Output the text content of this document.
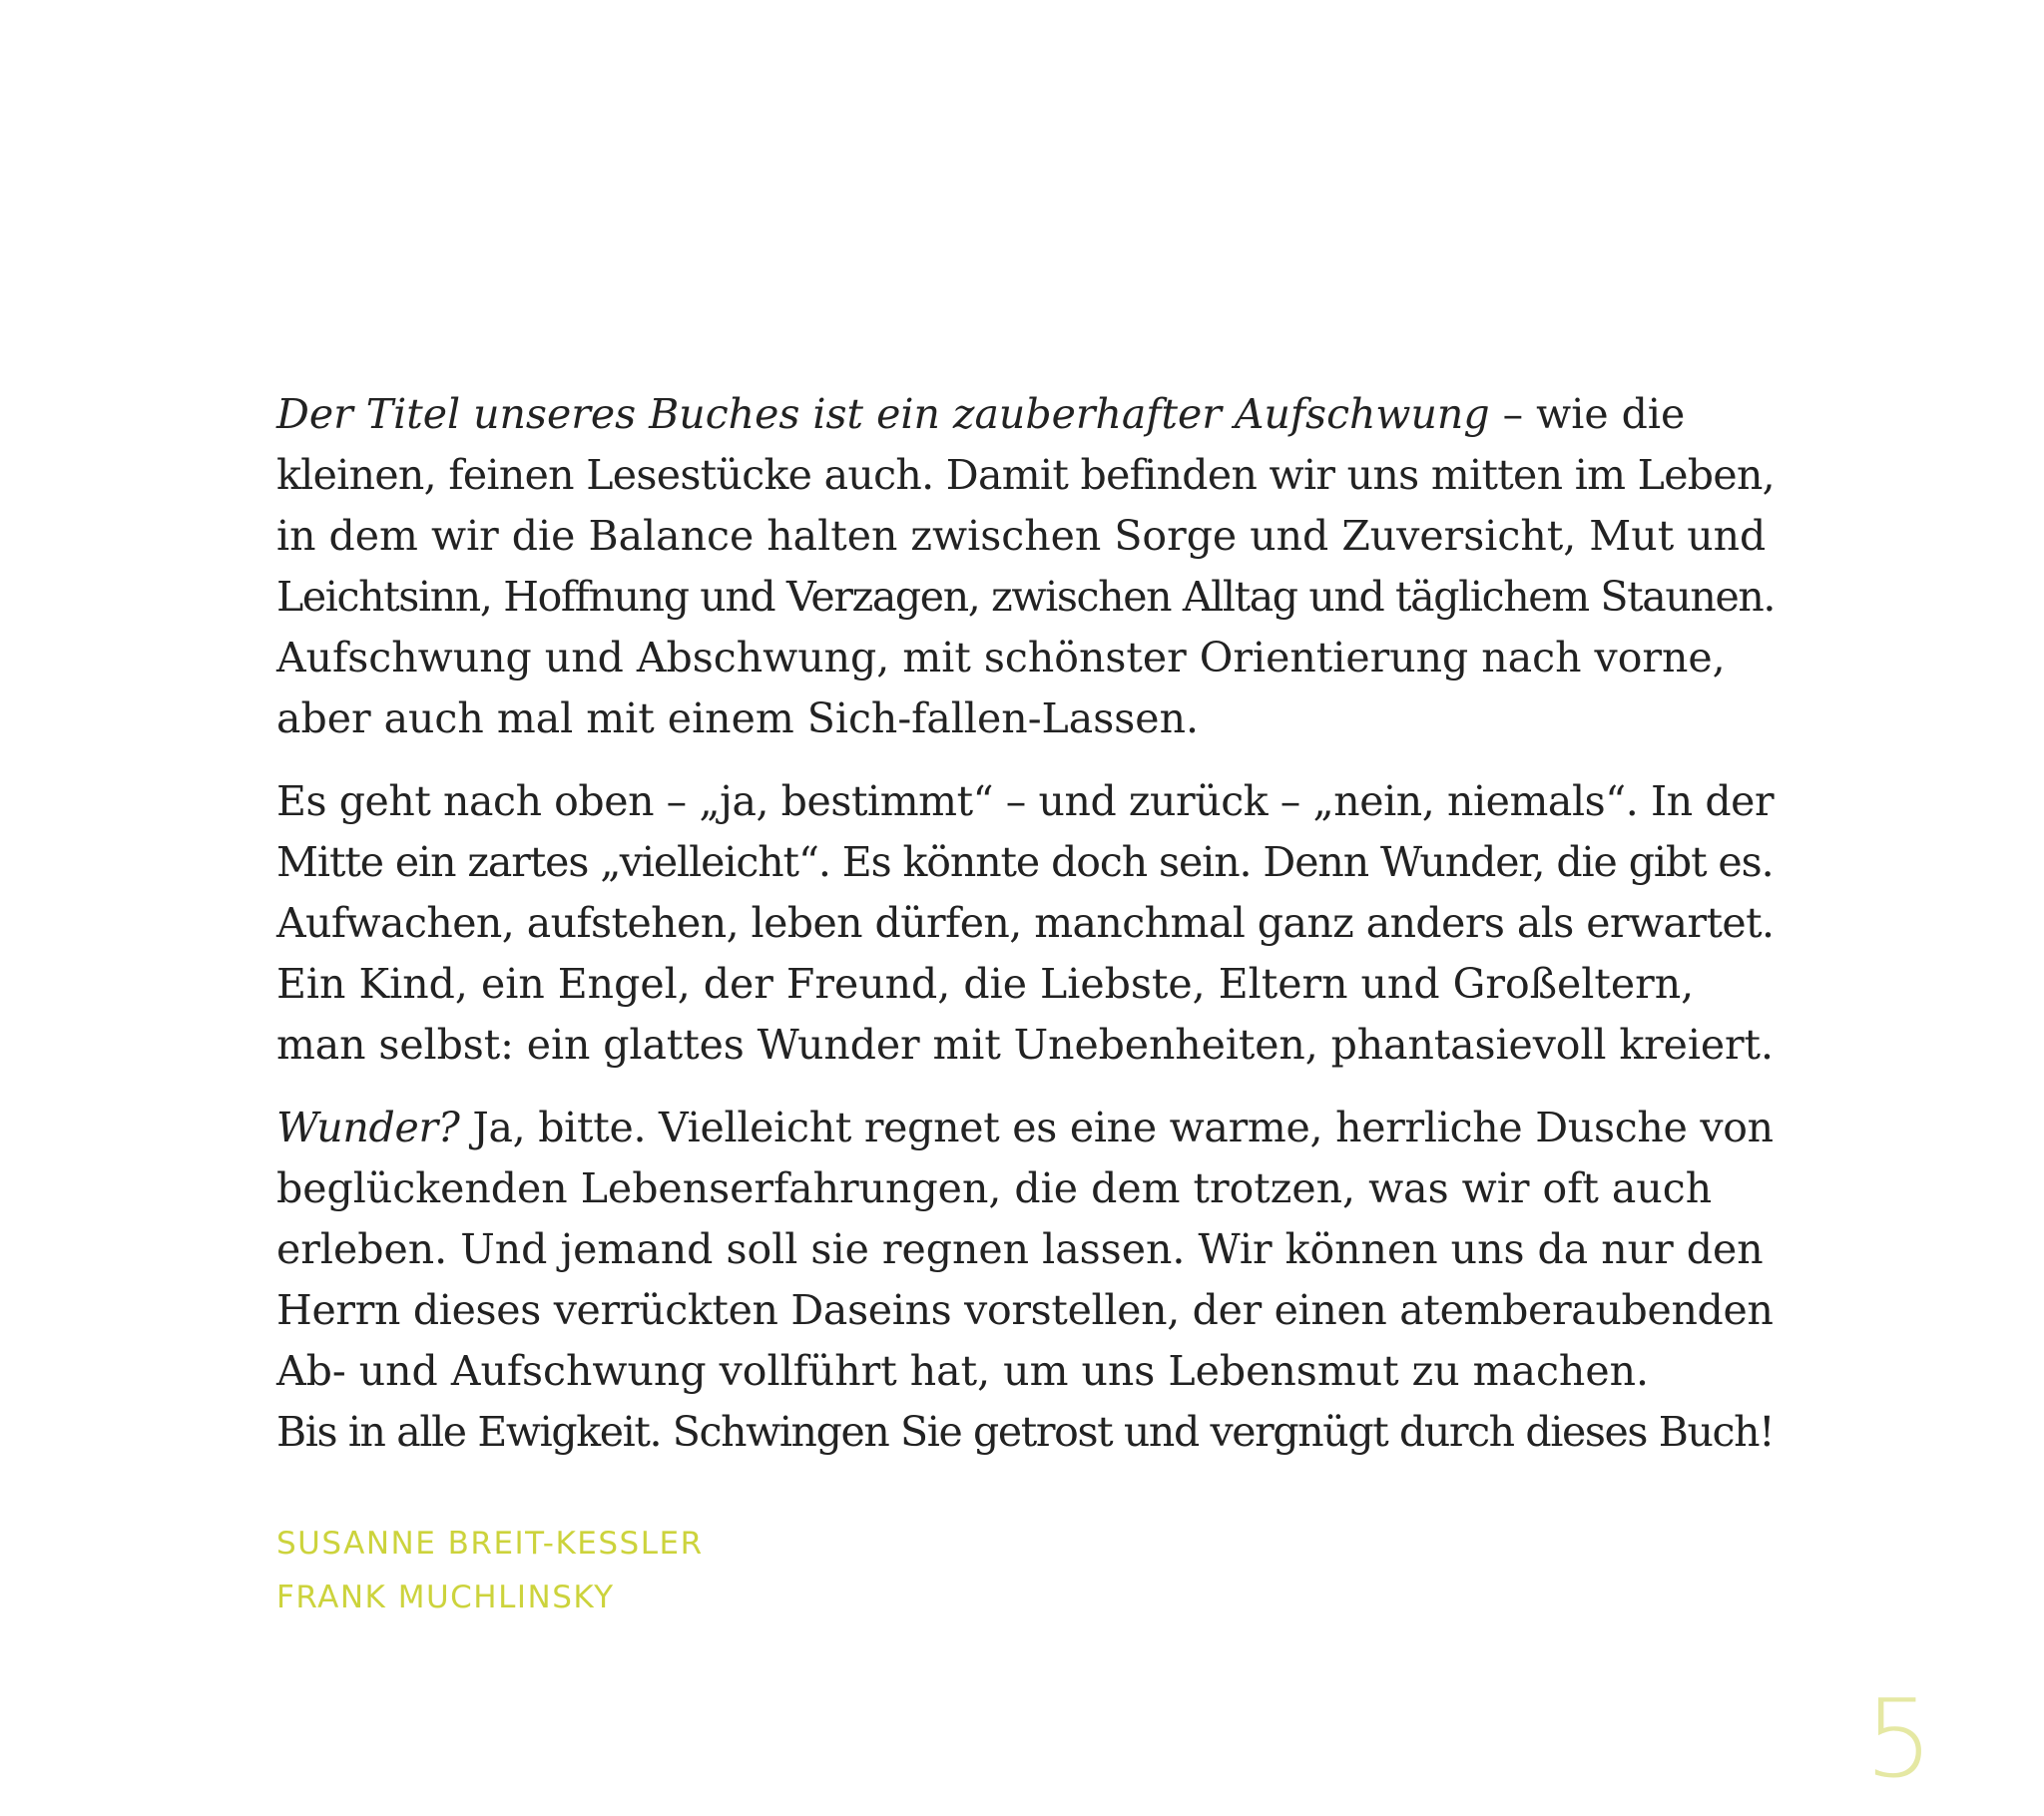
Der Titel unseres Buches ist ein zauberhafter Aufschwung – wie die
kleinen, feinen Lesestücke auch. Damit befinden wir uns mitten im Leben,
in dem wir die Balance halten zwischen Sorge und Zuversicht, Mut und
Leichtsinn, Hoffnung und Verzagen, zwischen Alltag und täglichem Staunen.
Aufschwung und Abschwung, mit schönster Orientierung nach vorne,
aber auch mal mit einem Sich-fallen-Lassen.
Es geht nach oben – „ja, bestimmt“ – und zurück – „nein, niemals“. In der
Mitte ein zartes „vielleicht“. Es könnte doch sein. Denn Wunder, die gibt es.
Aufwachen, aufstehen, leben dürfen, manchmal ganz anders als erwartet.
Ein Kind, ein Engel, der Freund, die Liebste, Eltern und Großeltern,
man selbst: ein glattes Wunder mit Unebenheiten, phantasievoll kreiert.
Wunder? Ja, bitte. Vielleicht regnet es eine warme, herrliche Dusche von
beglückenden Lebenserfahrungen, die dem trotzen, was wir oft auch
erleben. Und jemand soll sie regnen lassen. Wir können uns da nur den
Herrn dieses verrückten Daseins vorstellen, der einen atemberaubenden
Ab- und Aufschwung vollführt hat, um uns Lebensmut zu machen.
Bis in alle Ewigkeit. Schwingen Sie getrost und vergnügt durch dieses Buch!
SUSANNE BREIT-KESSLER
FRANK MUCHLINSKY
5
